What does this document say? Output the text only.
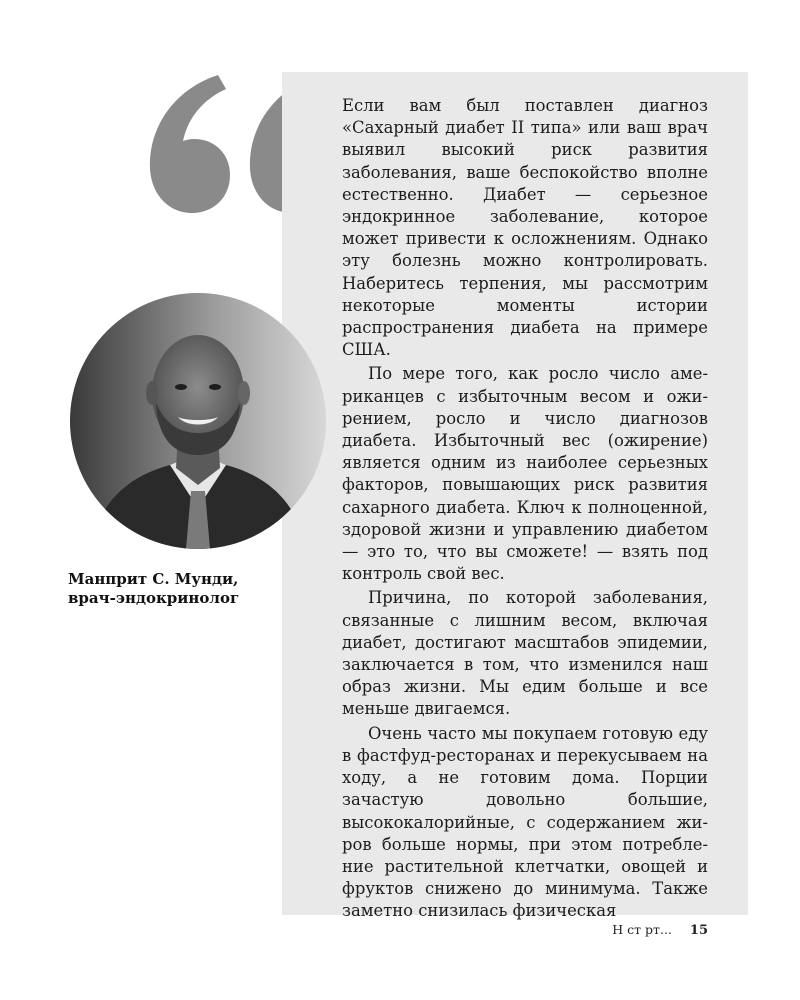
Если вам был поставлен диагноз «Сахарный диабет II типа» или ваш врач выявил высокий риск развития заболевания, ваше беспокойство вполне естественно. Диабет — серьезное эндокринное заболевание, которое может привести к осложнениям. Однако эту болезнь можно контролировать. Наберитесь терпения, мы рассмотрим некоторые моменты истории распространения диабета на примере США.

По мере того, как росло число американцев с избыточным весом и ожирением, росло и число диагнозов диабета. Избыточный вес (ожирение) является одним из наиболее серьезных факторов, повышающих риск развития сахарного диабета. Ключ к полноценной, здоровой жизни и управлению диабетом — это то, что вы сможете! — взять под контроль свой вес.

Причина, по которой заболевания, связанные с лишним весом, включая диабет, достигают масштабов эпидемии, заключается в том, что изменился наш образ жизни. Мы едим больше и все меньше двигаемся.

Очень часто мы покупаем готовую еду в фастфуд-ресторанах и перекусываем на ходу, а не готовим дома. Порции зачастую довольно большие, высококалорийные, с содержанием жиров больше нормы, при этом потребление растительной клетчатки, овощей и фруктов снижено до минимума. Также заметно снизилась физическая

Манприт С. Мунди,
врач-эндокринолог
Н ст рт... 15
